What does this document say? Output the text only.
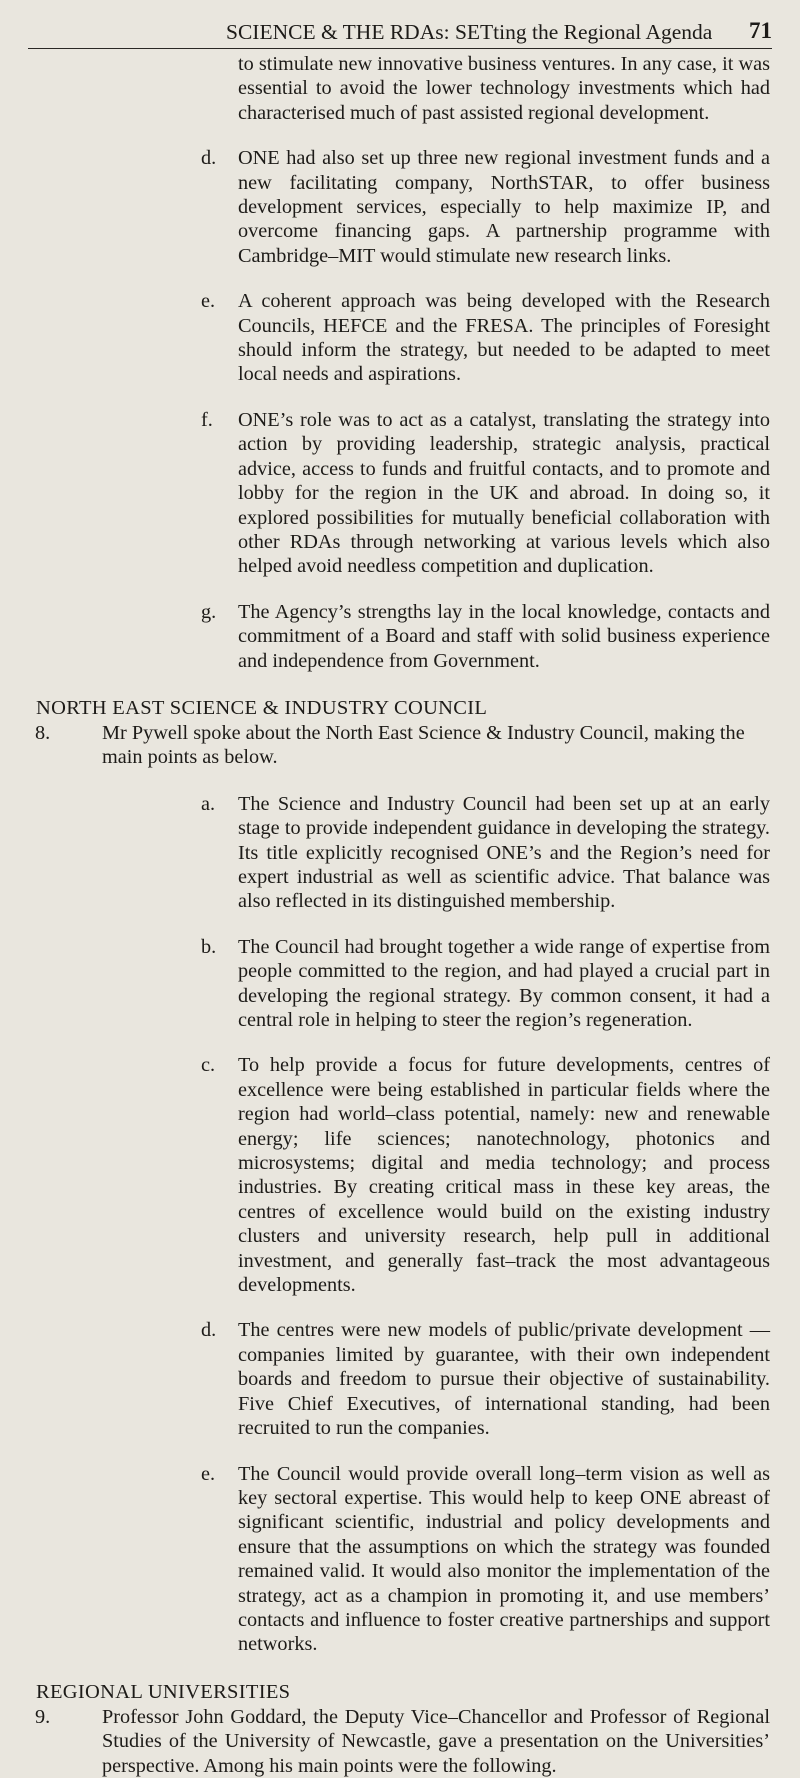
SCIENCE & THE RDAs: SETting the Regional Agenda 71

to stimulate new innovative business ventures. In any case, it was essential to avoid the lower technology investments which had characterised much of past assisted regional development.

d. ONE had also set up three new regional investment funds and a new facilitating company, NorthSTAR, to offer business development services, especially to help maximize IP, and overcome financing gaps. A partnership programme with Cambridge–MIT would stimulate new research links.

e. A coherent approach was being developed with the Research Councils, HEFCE and the FRESA. The principles of Foresight should inform the strategy, but needed to be adapted to meet local needs and aspirations.

f. ONE’s role was to act as a catalyst, translating the strategy into action by providing leadership, strategic analysis, practical advice, access to funds and fruitful contacts, and to promote and lobby for the region in the UK and abroad. In doing so, it explored possibilities for mutually beneficial collaboration with other RDAs through networking at various levels which also helped avoid needless competition and duplication.

g. The Agency’s strengths lay in the local knowledge, contacts and commitment of a Board and staff with solid business experience and independence from Government.

NORTH EAST SCIENCE & INDUSTRY COUNCIL
8.	Mr Pywell spoke about the North East Science & Industry Council, making the main points as below.

a. The Science and Industry Council had been set up at an early stage to provide independent guidance in developing the strategy. Its title explicitly recognised ONE’s and the Region’s need for expert industrial as well as scientific advice. That balance was also reflected in its distinguished membership.

b. The Council had brought together a wide range of expertise from people committed to the region, and had played a crucial part in developing the regional strategy. By common consent, it had a central role in helping to steer the region’s regeneration.

c. To help provide a focus for future developments, centres of excellence were being established in particular fields where the region had world–class potential, namely: new and renewable energy; life sciences; nanotechnology, photonics and microsystems; digital and media technology; and process industries. By creating critical mass in these key areas, the centres of excellence would build on the existing industry clusters and university research, help pull in additional investment, and generally fast–track the most advantageous developments.

d. The centres were new models of public/private development — companies limited by guarantee, with their own independent boards and freedom to pursue their objective of sustainability. Five Chief Executives, of international standing, had been recruited to run the companies.

e. The Council would provide overall long–term vision as well as key sectoral expertise. This would help to keep ONE abreast of significant scientific, industrial and policy developments and ensure that the assumptions on which the strategy was founded remained valid. It would also monitor the implementation of the strategy, act as a champion in promoting it, and use members’ contacts and influence to foster creative partnerships and support networks.

REGIONAL UNIVERSITIES
9.	Professor John Goddard, the Deputy Vice–Chancellor and Professor of Regional Studies of the University of Newcastle, gave a presentation on the Universities’ perspective. Among his main points were the following.
